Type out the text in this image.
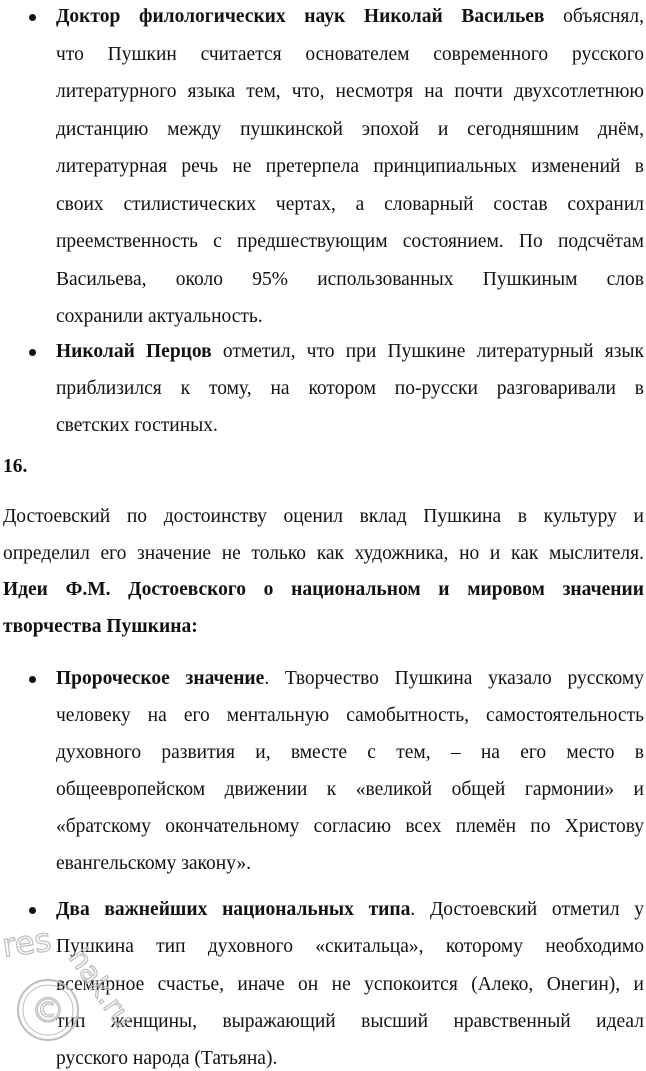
Доктор филологических наук Николай Васильев объяснял,
что Пушкин считается основателем современного русского
литературного языка тем, что, несмотря на почти двухсотлетнюю
дистанцию между пушкинской эпохой и сегодняшним днём,
литературная речь не претерпела принципиальных изменений в
своих стилистических чертах, а словарный состав сохранил
преемственность с предшествующим состоянием. По подсчётам
Васильева, около 95% использованных Пушкиным слов
сохранили актуальность.
Николай Перцов отметил, что при Пушкине литературный язык
приблизился к тому, на котором по-русски разговаривали в
светских гостиных.
16.
Достоевский по достоинству оценил вклад Пушкина в культуру и
определил его значение не только как художника, но и как мыслителя.
Идеи Ф.М. Достоевского о национальном и мировом значении
творчества Пушкина:
Пророческое значение. Творчество Пушкина указало русскому
человеку на его ментальную самобытность, самостоятельность
духовного развития и, вместе с тем, – на его место в
общеевропейском движении к «великой общей гармонии» и
«братскому окончательному согласию всех племён по Христову
евангельскому закону».
Два важнейших национальных типа. Достоевский отметил у
Пушкина тип духовного «скитальца», которому необходимо
всемирное счастье, иначе он не успокоится (Алеко, Онегин), и
тип женщины, выражающий высший нравственный идеал
русского народа (Татьяна).
©
res hak.ru
